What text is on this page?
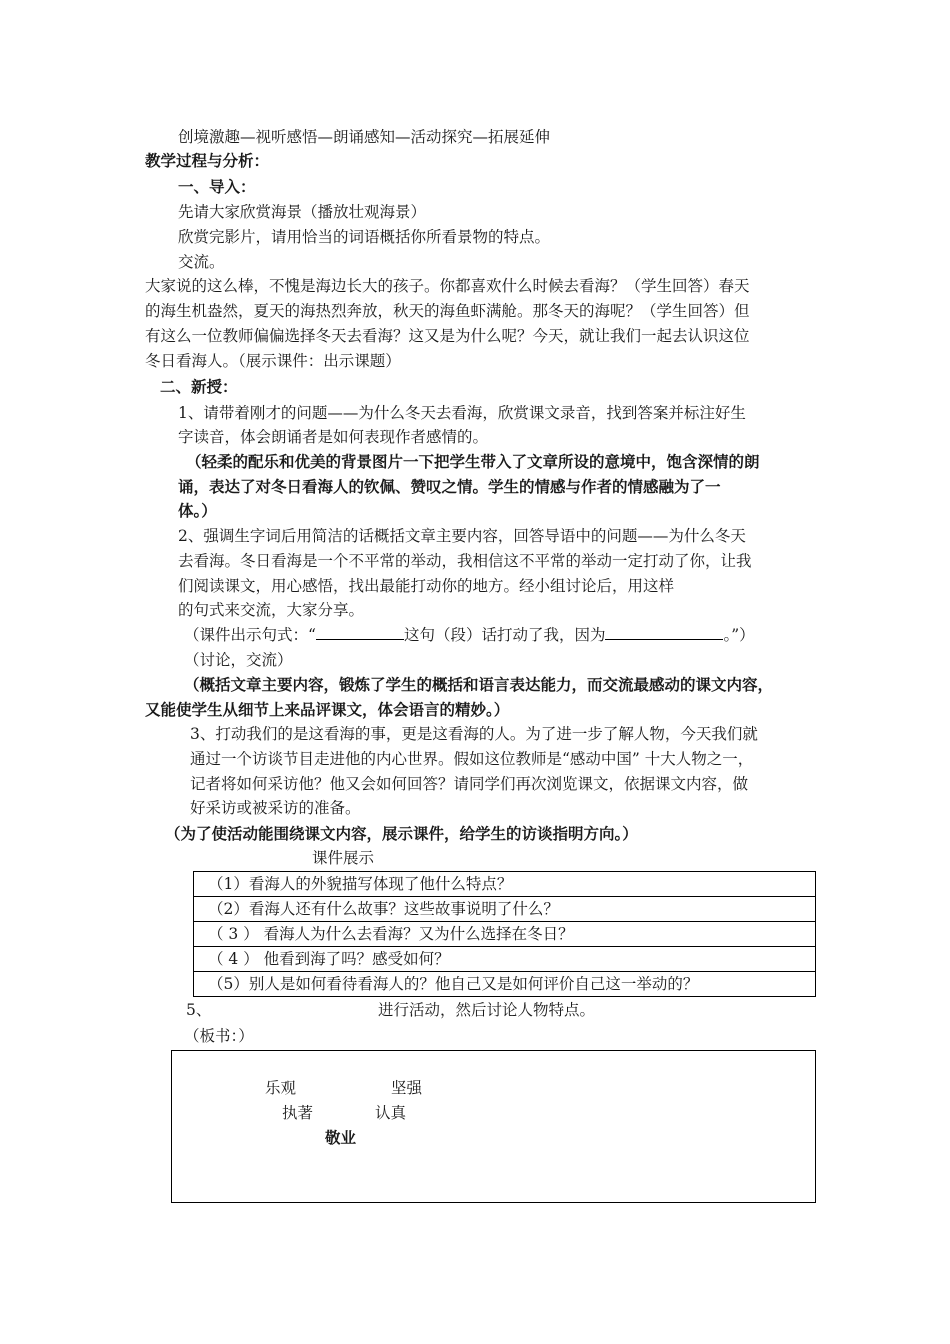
创境激趣—视听感悟—朗诵感知—活动探究—拓展延伸
教学过程与分析：
一、导入：
先请大家欣赏海景（播放壮观海景）
欣赏完影片，请用恰当的词语概括你所看景物的特点。
交流。
大家说的这么棒，不愧是海边长大的孩子。你都喜欢什么时候去看海？（学生回答）春天
的海生机盎然，夏天的海热烈奔放，秋天的海鱼虾满舱。那冬天的海呢？（学生回答）但
有这么一位教师偏偏选择冬天去看海？这又是为什么呢？今天，就让我们一起去认识这位
冬日看海人。（展示课件：出示课题）
二、新授：
1、请带着刚才的问题——为什么冬天去看海，欣赏课文录音，找到答案并标注好生
字读音，体会朗诵者是如何表现作者感情的。
（轻柔的配乐和优美的背景图片一下把学生带入了文章所设的意境中，饱含深情的朗
诵，表达了对冬日看海人的钦佩、赞叹之情。学生的情感与作者的情感融为了一
体。）
2、强调生字词后用简洁的话概括文章主要内容，回答导语中的问题——为什么冬天
去看海。冬日看海是一个不平常的举动，我相信这不平常的举动一定打动了你，让我
们阅读课文，用心感悟，找出最能打动你的地方。经小组讨论后，用这样
的句式来交流，大家分享。
（课件出示句式：“	这句（段）话打动了我，因为	。”）
（讨论，交流）
（概括文章主要内容，锻炼了学生的概括和语言表达能力，而交流最感动的课文内容，
又能使学生从细节上来品评课文，体会语言的精妙。）
3、打动我们的是这看海的事，更是这看海的人。为了进一步了解人物，今天我们就
通过一个访谈节目走进他的内心世界。假如这位教师是“感动中国” 十大人物之一，
记者将如何采访他？他又会如何回答？请同学们再次浏览课文，依据课文内容，做
好采访或被采访的准备。
（为了使活动能围绕课文内容，展示课件，给学生的访谈指明方向。）
课件展示
（1）看海人的外貌描写体现了他什么特点？
（2）看海人还有什么故事？这些故事说明了什么？
（ 3 ） 看海人为什么去看海？又为什么选择在冬日？
（ 4 ） 他看到海了吗？感受如何？
（5）别人是如何看待看海人的？他自己又是如何评价自己这一举动的？
5、	进行活动，然后讨论人物特点。
（板书：）
乐观	坚强
执著	认真
敬业
